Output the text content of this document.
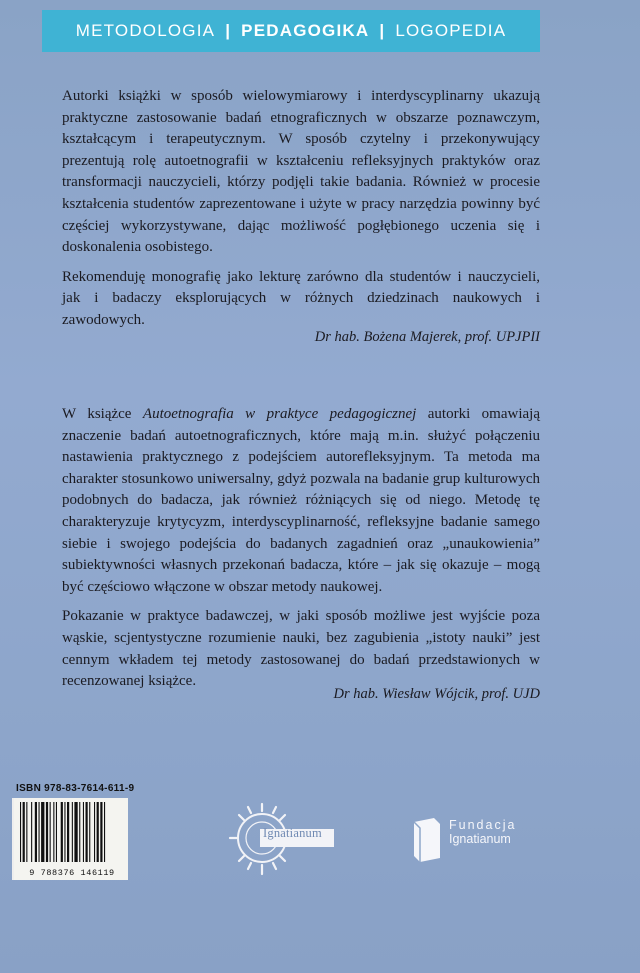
METODOLOGIA | PEDAGOGIKA | LOGOPEDIA

Autorki książki w sposób wielowymiarowy i interdyscyplinarny ukazują praktyczne zastosowanie badań etnograficznych w obszarze poznawczym, kształcącym i terapeutycznym. W sposób czytelny i przekonywujący prezentują rolę autoetnografii w kształceniu refleksyjnych praktyków oraz transformacji nauczycieli, którzy podjęli takie badania. Również w procesie kształcenia studentów zaprezentowane i użyte w pracy narzędzia powinny być częściej wykorzystywane, dając możliwość pogłębionego uczenia się i doskonalenia osobistego.

Rekomenduję monografię jako lekturę zarówno dla studentów i nauczycieli, jak i badaczy eksplorujących w różnych dziedzinach naukowych i zawodowych.

Dr hab. Bożena Majerek, prof. UPJPII

W książce Autoetnografia w praktyce pedagogicznej autorki omawiają znaczenie badań autoetnograficznych, które mają m.in. służyć połączeniu nastawienia praktycznego z podejściem autorefleksyjnym. Ta metoda ma charakter stosunkowo uniwersalny, gdyż pozwala na badanie grup kulturowych podobnych do badacza, jak również różniących się od niego. Metodę tę charakteryzuje krytycyzm, interdyscyplinarność, refleksyjne badanie samego siebie i swojego podejścia do badanych zagadnień oraz „unaukowienia” subiektywności własnych przekonań badacza, które – jak się okazuje – mogą być częściowo włączone w obszar metody naukowej.

Pokazanie w praktyce badawczej, w jaki sposób możliwe jest wyjście poza wąskie, scjentystyczne rozumienie nauki, bez zagubienia „istoty nauki” jest cennym wkładem tej metody zastosowanej do badań przedstawionych w recenzowanej książce.

Dr hab. Wiesław Wójcik, prof. UJD
ISBN 978-83-7614-611-9
9 788376 146119
Ignatianum
Fundacja
Ignatianum
